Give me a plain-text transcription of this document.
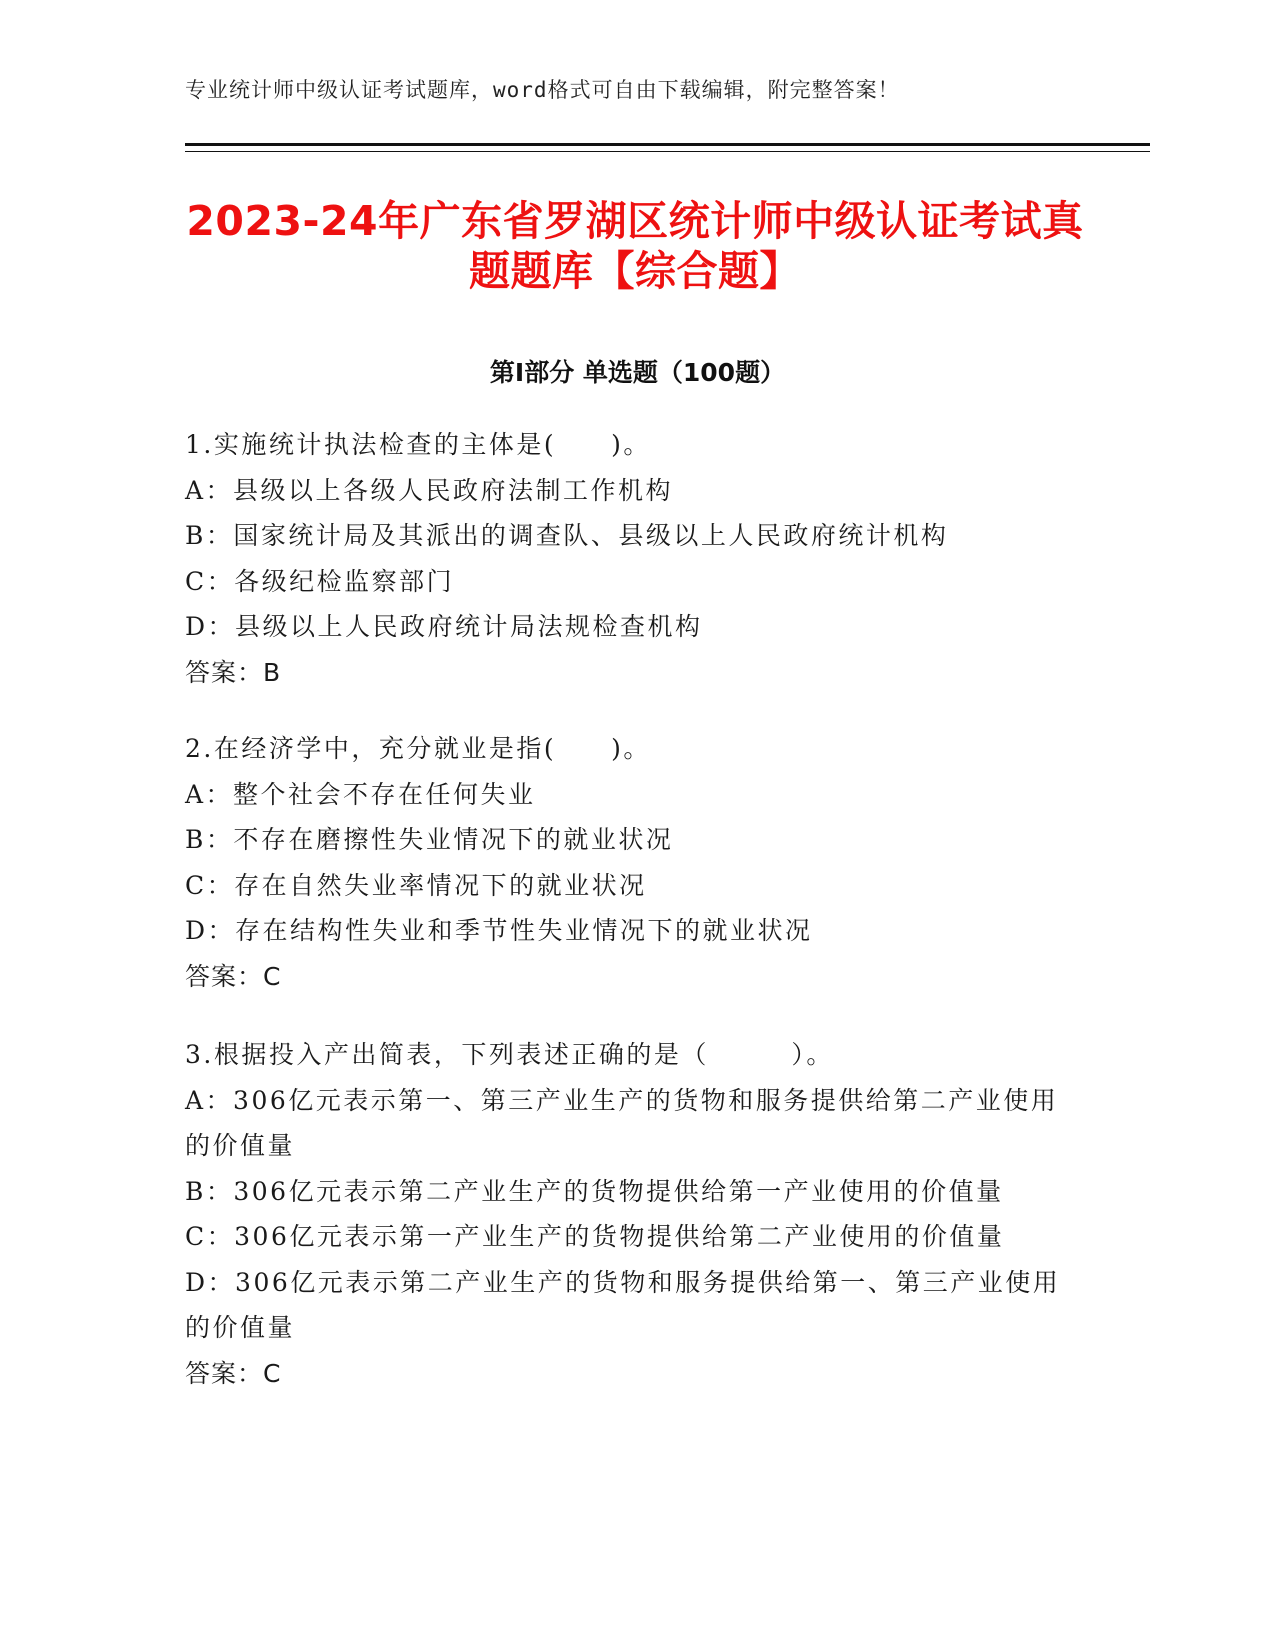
专业统计师中级认证考试题库，word格式可自由下载编辑，附完整答案！
2023-24年广东省罗湖区统计师中级认证考试真题题库【综合题】
第Ⅰ部分 单选题（100题）
1.实施统计执法检查的主体是(　　)。
A：县级以上各级人民政府法制工作机构
B：国家统计局及其派出的调查队、县级以上人民政府统计机构
C：各级纪检监察部门
D：县级以上人民政府统计局法规检查机构
答案：B
2.在经济学中，充分就业是指(　　)。
A：整个社会不存在任何失业
B：不存在磨擦性失业情况下的就业状况
C：存在自然失业率情况下的就业状况
D：存在结构性失业和季节性失业情况下的就业状况
答案：C
3.根据投入产出简表，下列表述正确的是（　　　）。
A：306亿元表示第一、第三产业生产的货物和服务提供给第二产业使用的价值量
B：306亿元表示第二产业生产的货物提供给第一产业使用的价值量
C：306亿元表示第一产业生产的货物提供给第二产业使用的价值量
D：306亿元表示第二产业生产的货物和服务提供给第一、第三产业使用的价值量
答案：C
